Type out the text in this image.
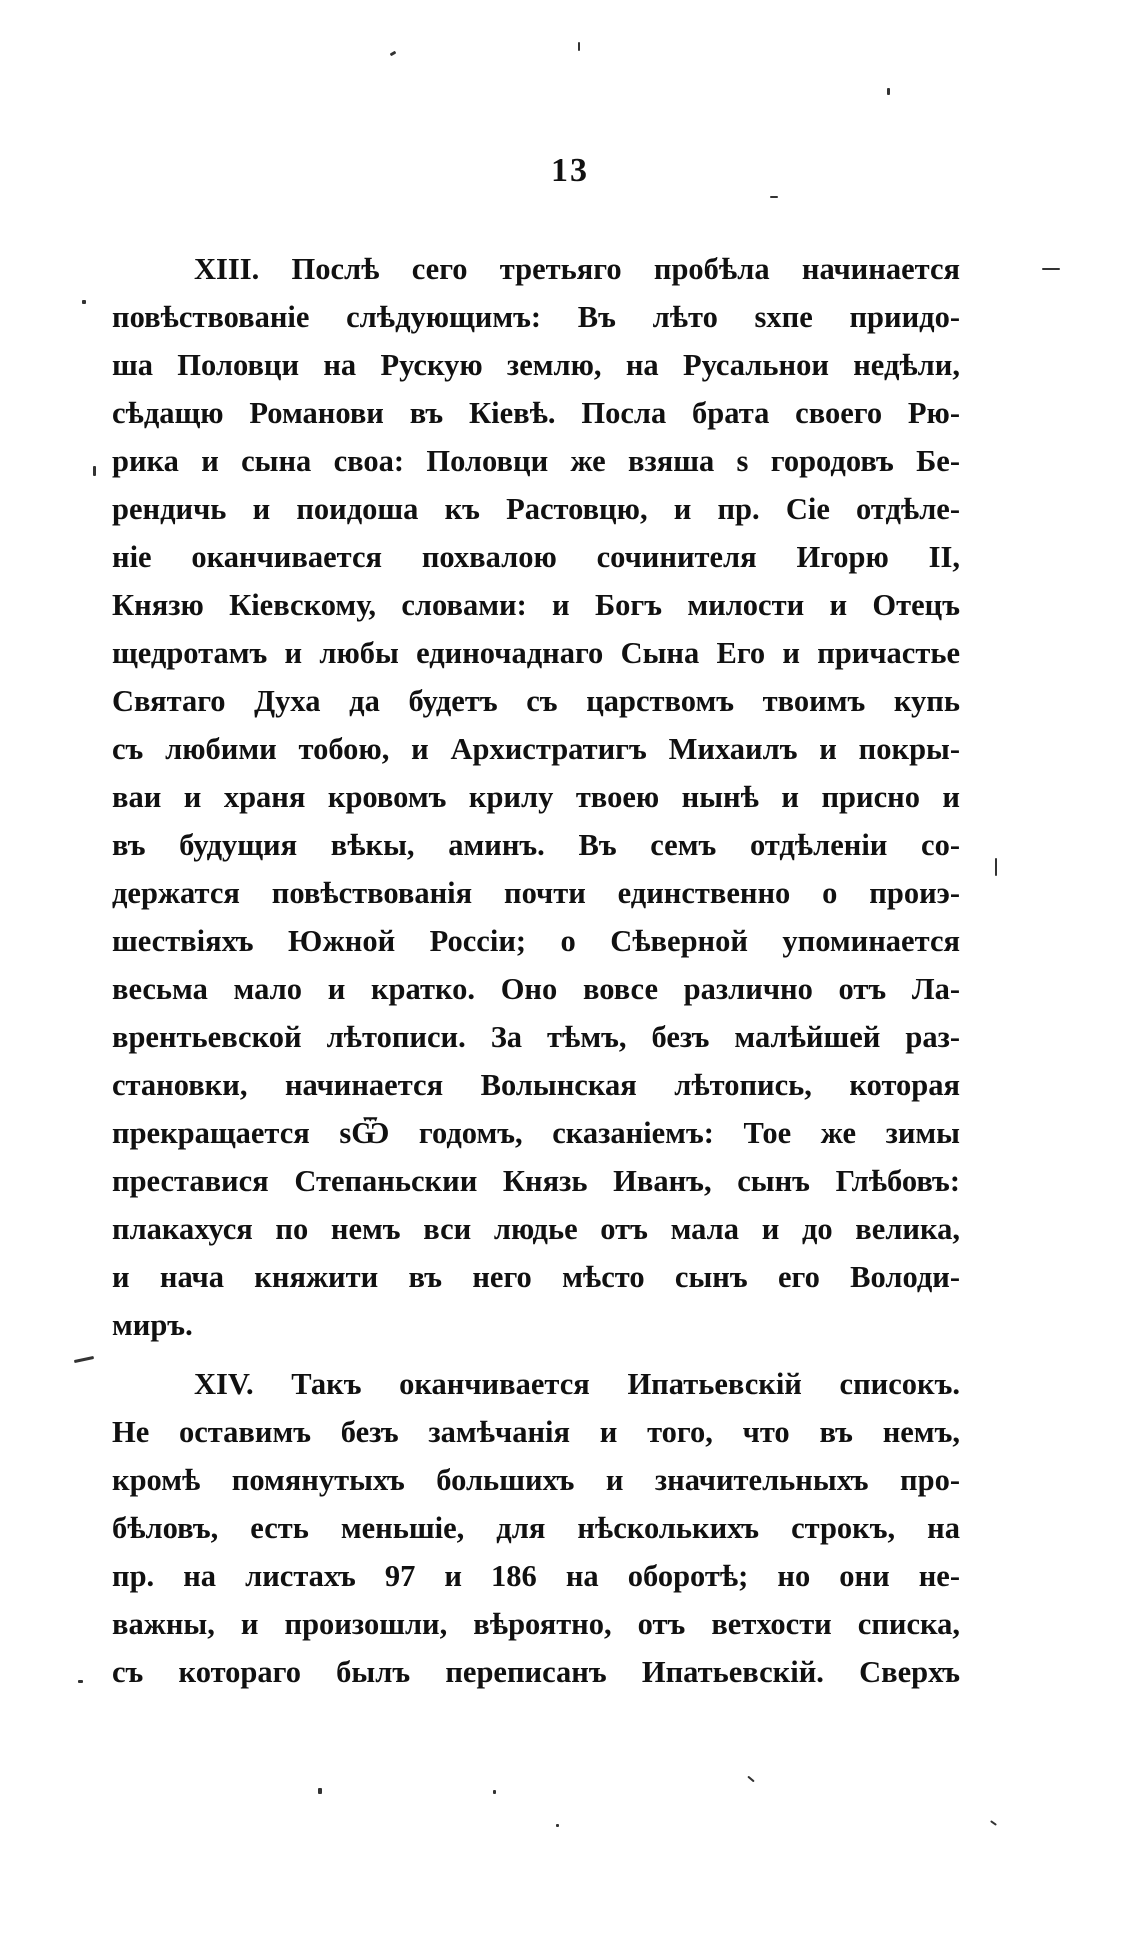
13
XIII. Послѣ сего третьяго пробѣла начинается
повѣствованіе слѣдующимъ: Въ лѣто ѕхпе приидо-
ша Половци на Рускую землю, на Русальнои недѣли,
сѣдащю Романови въ Кіевѣ. Посла брата своего Рю-
рика и сына своа: Половци же взяша ѕ городовъ Бе-
рендичь и поидоша къ Растовцю, и пр. Сіе отдѣле-
ніе оканчивается похвалою сочинителя Игорю II,
Князю Кіевскому, словами: и Богъ милости и Отецъ
щедротамъ и любы единочаднаго Сына Его и причастье
Святаго Духа да будетъ съ царствомъ твоимъ купь
съ любими тобою, и Архистратигъ Михаилъ и покры-
ваи и храня кровомъ крилу твоею нынѣ и присно и
въ будущия вѣкы, аминъ. Въ семъ отдѣленіи со-
держатся повѣствованія почти единственно о проиэ-
шествіяхъ Южной Россіи; о Сѣверной упоминается
весьма мало и кратко. Оно вовсе различно отъ Ла-
врентьевской лѣтописи. За тѣмъ, безъ малѣйшей раз-
становки, начинается Волынская лѣтопись, которая
прекращается ѕѾ годомъ, сказаніемъ: Тое же зимы
преставися Степаньскии Князь Иванъ, сынъ Глѣбовъ:
плакахуся по немъ вси людье отъ мала и до велика,
и нача княжити въ него мѣсто сынъ его Володи-
миръ.
XIV. Такъ оканчивается Ипатьевскій списокъ.
Не оставимъ безъ замѣчанія и того, что въ немъ,
кромѣ помянутыхъ большихъ и значительныхъ про-
бѣловъ, есть меньшіе, для нѣсколькихъ строкъ, на
пр. на листахъ 97 и 186 на оборотѣ; но они не-
важны, и произошли, вѣроятно, отъ ветхости списка,
съ котораго былъ переписанъ Ипатьевскій. Сверхъ
